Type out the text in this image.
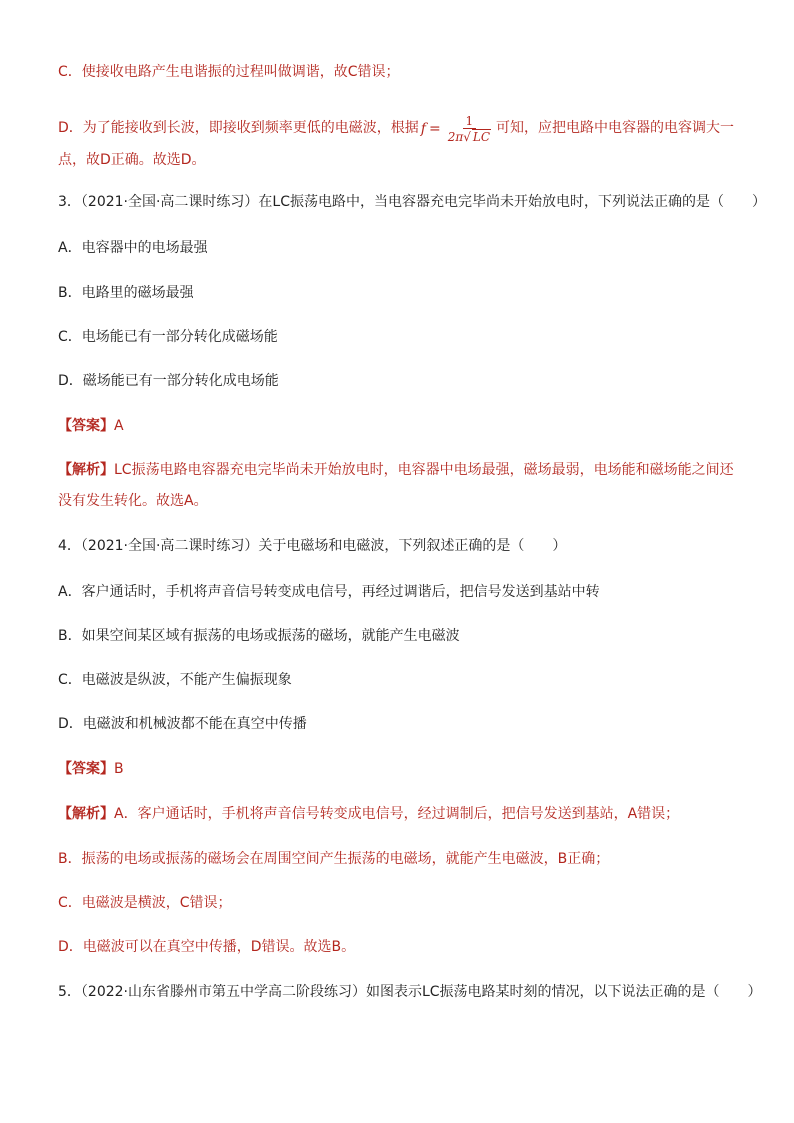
C．使接收电路产生电谐振的过程叫做调谐，故C错误；
D．为了能接收到长波，即接收到频率更低的电磁波，根据 $f = \frac{1}{2\pi√ LC}$ 可知，应把电路中电容器的电容调大一
点，故D正确。故选D。
3．（2021·全国·高二课时练习）在LC振荡电路中，当电容器充电完毕尚未开始放电时，下列说法正确的是（　　）
A．电容器中的电场最强
B．电路里的磁场最强
C．电场能已有一部分转化成磁场能
D．磁场能已有一部分转化成电场能
【答案】A
【解析】LC振荡电路电容器充电完毕尚未开始放电时，电容器中电场最强，磁场最弱，电场能和磁场能之间还
没有发生转化。故选A。
4．（2021·全国·高二课时练习）关于电磁场和电磁波，下列叙述正确的是（　　）
A．客户通话时，手机将声音信号转变成电信号，再经过调谐后，把信号发送到基站中转
B．如果空间某区域有振荡的电场或振荡的磁场，就能产生电磁波
C．电磁波是纵波，不能产生偏振现象
D．电磁波和机械波都不能在真空中传播
【答案】B
【解析】A．客户通话时，手机将声音信号转变成电信号，经过调制后，把信号发送到基站，A错误；
B．振荡的电场或振荡的磁场会在周围空间产生振荡的电磁场，就能产生电磁波，B正确；
C．电磁波是横波，C错误；
D．电磁波可以在真空中传播，D错误。故选B。
5．（2022·山东省滕州市第五中学高二阶段练习）如图表示LC振荡电路某时刻的情况，以下说法正确的是（　　）
